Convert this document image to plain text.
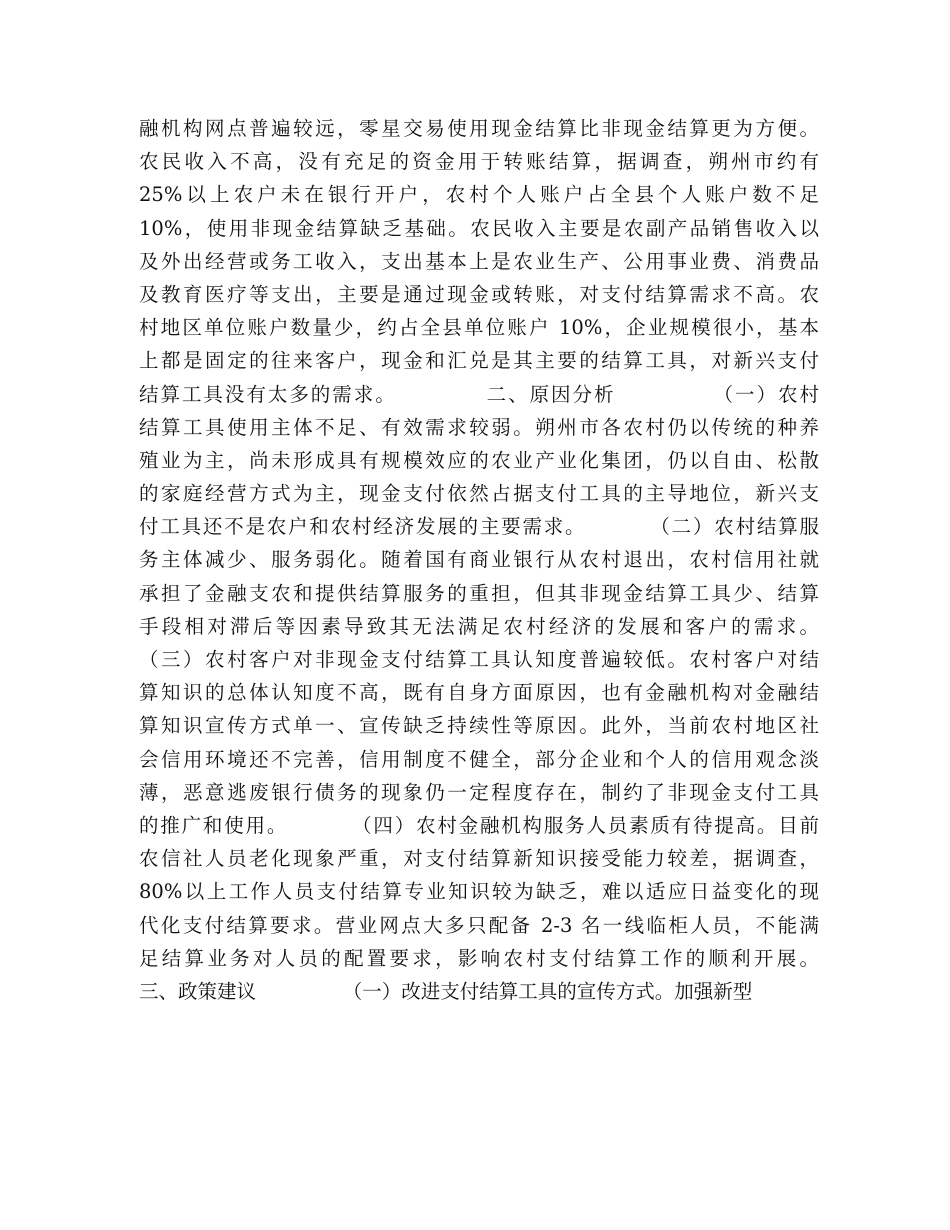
融机构网点普遍较远，零星交易使用现金结算比非现金结算更为方便。
农民收入不高，没有充足的资金用于转账结算，据调查，朔州市约有
25%以上农户未在银行开户，农村个人账户占全县个人账户数不足
10%，使用非现金结算缺乏基础。农民收入主要是农副产品销售收入以
及外出经营或务工收入，支出基本上是农业生产、公用事业费、消费品
及教育医疗等支出，主要是通过现金或转账，对支付结算需求不高。农
村地区单位账户数量少，约占全县单位账户 10%，企业规模很小，基本
上都是固定的往来客户，现金和汇兑是其主要的结算工具，对新兴支付
结算工具没有太多的需求。           二、原因分析            （一）农村
结算工具使用主体不足、有效需求较弱。朔州市各农村仍以传统的种养
殖业为主，尚未形成具有规模效应的农业产业化集团，仍以自由、松散
的家庭经营方式为主，现金支付依然占据支付工具的主导地位，新兴支
付工具还不是农户和农村经济发展的主要需求。        （二）农村结算服
务主体减少、服务弱化。随着国有商业银行从农村退出，农村信用社就
承担了金融支农和提供结算服务的重担，但其非现金结算工具少、结算
手段相对滞后等因素导致其无法满足农村经济的发展和客户的需求。
（三）农村客户对非现金支付结算工具认知度普遍较低。农村客户对结
算知识的总体认知度不高，既有自身方面原因，也有金融机构对金融结
算知识宣传方式单一、宣传缺乏持续性等原因。此外，当前农村地区社
会信用环境还不完善，信用制度不健全，部分企业和个人的信用观念淡
薄，恶意逃废银行债务的现象仍一定程度存在，制约了非现金支付工具
的推广和使用。        （四）农村金融机构服务人员素质有待提高。目前
农信社人员老化现象严重，对支付结算新知识接受能力较差，据调查，
80%以上工作人员支付结算专业知识较为缺乏，难以适应日益变化的现
代化支付结算要求。营业网点大多只配备 2-3 名一线临柜人员，不能满
足结算业务对人员的配置要求，影响农村支付结算工作的顺利开展。
三、政策建议              （一）改进支付结算工具的宣传方式。加强新型
